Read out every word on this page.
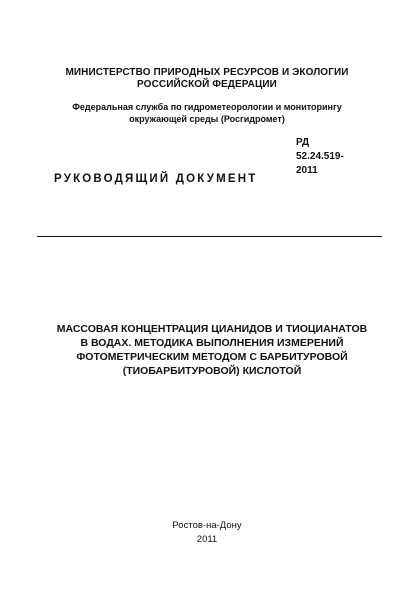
МИНИСТЕРСТВО ПРИРОДНЫХ РЕСУРСОВ И ЭКОЛОГИИ
РОССИЙСКОЙ ФЕДЕРАЦИИ
Федеральная служба по гидрометеорологии и мониторингу
окружающей среды (Росгидромет)
РУКОВОДЯЩИЙ ДОКУМЕНТ
РД
52.24.519-
2011
МАССОВАЯ КОНЦЕНТРАЦИЯ ЦИАНИДОВ И ТИОЦИАНАТОВ
В ВОДАХ. МЕТОДИКА ВЫПОЛНЕНИЯ ИЗМЕРЕНИЙ
ФОТОМЕТРИЧЕСКИМ МЕТОДОМ С БАРБИТУРОВОЙ
(ТИОБАРБИТУРОВОЙ) КИСЛОТОЙ
Ростов-на-Дону
2011
